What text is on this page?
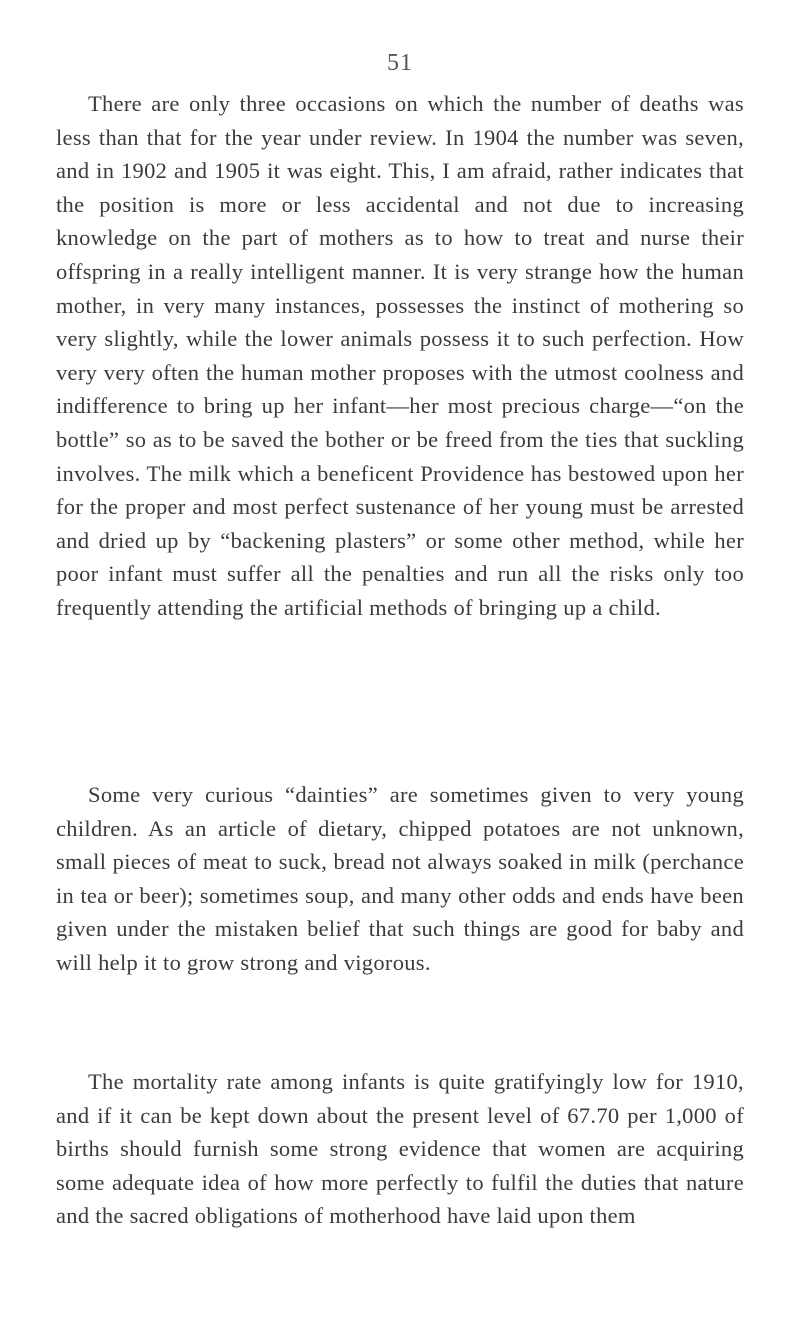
51

There are only three occasions on which the number of deaths was less than that for the year under review. In 1904 the number was seven, and in 1902 and 1905 it was eight. This, I am afraid, rather indicates that the position is more or less accidental and not due to increasing knowledge on the part of mothers as to how to treat and nurse their offspring in a really intelligent manner. It is very strange how the human mother, in very many instances, possesses the instinct of mothering so very slightly, while the lower animals possess it to such perfection. How very very often the human mother proposes with the utmost coolness and indifference to bring up her infant—her most precious charge—“on the bottle” so as to be saved the bother or be freed from the ties that suckling involves. The milk which a beneficent Providence has bestowed upon her for the proper and most perfect sustenance of her young must be arrested and dried up by “backening plasters” or some other method, while her poor infant must suffer all the penalties and run all the risks only too frequently attending the artificial methods of bringing up a child.

Some very curious “dainties” are sometimes given to very young children. As an article of dietary, chipped potatoes are not unknown, small pieces of meat to suck, bread not always soaked in milk (perchance in tea or beer); sometimes soup, and many other odds and ends have been given under the mistaken belief that such things are good for baby and will help it to grow strong and vigorous.

The mortality rate among infants is quite gratifyingly low for 1910, and if it can be kept down about the present level of 67.70 per 1,000 of births should furnish some strong evidence that women are acquiring some adequate idea of how more perfectly to fulfil the duties that nature and the sacred obligations of motherhood have laid upon them
